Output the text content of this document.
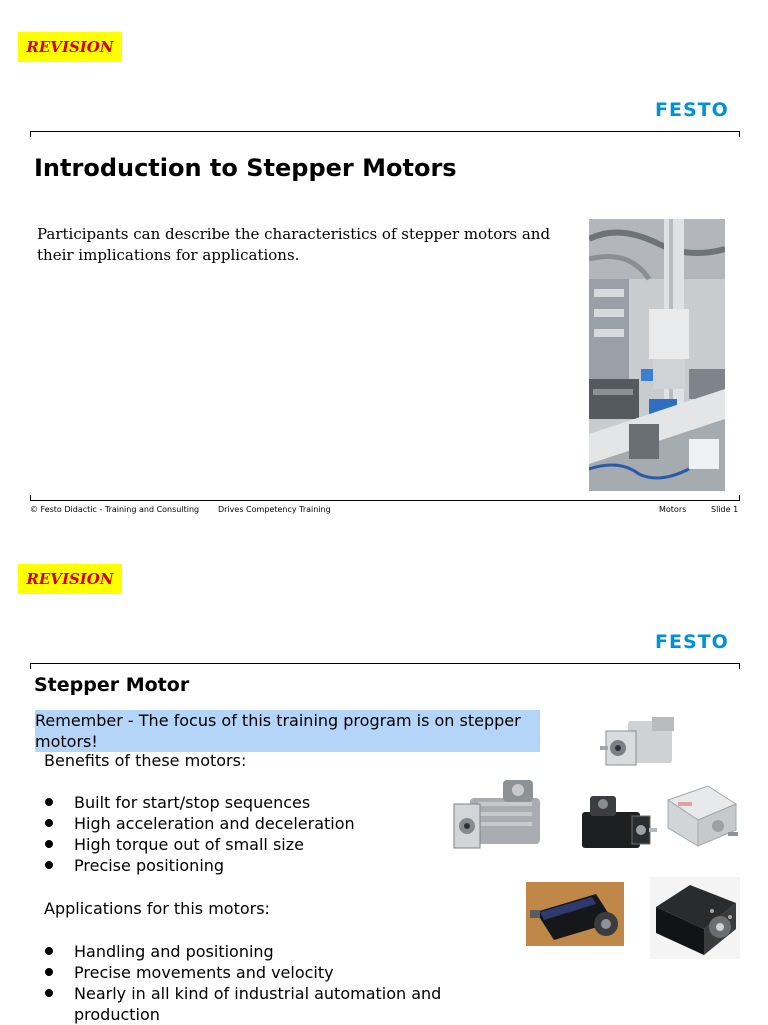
REVISION
FESTO
Introduction to Stepper Motors
Participants can describe the characteristics of stepper motors and their implications for applications.
© Festo Didactic - Training and Consulting Drives Competency Training	Motors	Slide 1
REVISION
FESTO
Stepper Motor
Remember - The focus of this training program is on stepper motors!
Benefits of these motors:
Built for start/stop sequences
High acceleration and deceleration
High torque out of small size
Precise positioning
Applications for this motors:
Handling and positioning
Precise movements and velocity
Nearly in all kind of industrial automation and production
